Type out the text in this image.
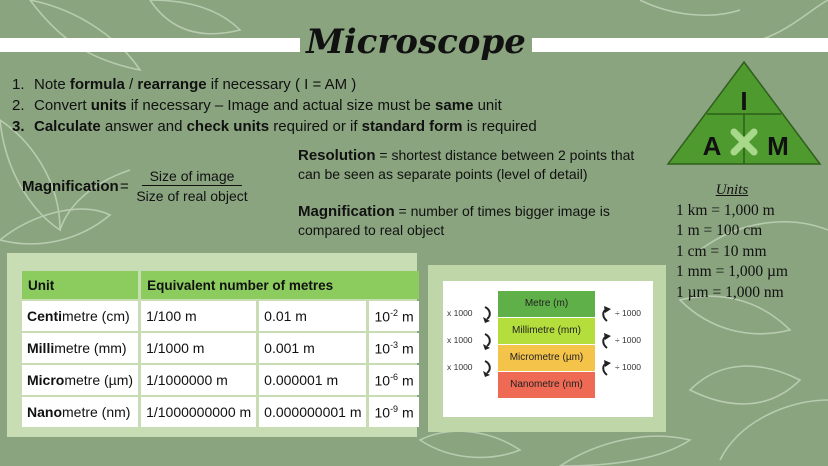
Microscope
1. Note formula / rearrange if necessary ( I = AM )
2. Convert units if necessary – Image and actual size must be same unit
3. Calculate answer and check units required or if standard form is required
Magnification =
Size of image
Size of real object
Resolution = shortest distance between 2 points that can be seen as separate points (level of detail)
Magnification = number of times bigger image is compared to real object
I
A M
Units
1 km = 1,000 m
1 m = 100 cm
1 cm = 10 mm
1 mm = 1,000 µm
1 µm = 1,000 nm
Unit	Equivalent number of metres		
Centimetre (cm)	1/100 m	0.01 m	$10^{-2}$ m
Millimetre (mm)	1/1000 m	0.001 m	$10^{-3}$ m
Micrometre (µm)	1/1000000 m	0.000001 m	$10^{-6}$ m
Nanometre (nm)	1/1000000000 m	0.000000001 m	$10^{-9}$ m
Metre (m)
Millimetre (mm)
Micrometre (µm)
Nanometre (nm)
x 1000	÷ 1000
x 1000	÷ 1000
x 1000	÷ 1000
